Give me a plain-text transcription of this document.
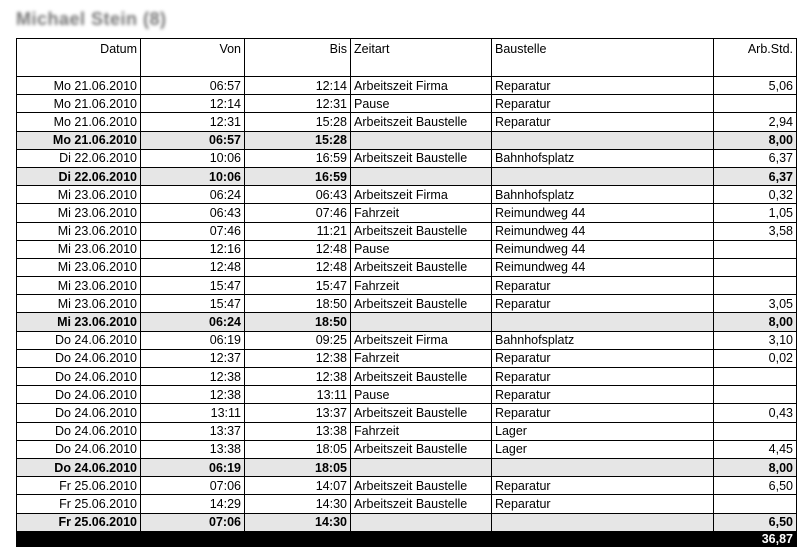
Michael Stein (8)
Datum	Von	Bis	Zeitart	Baustelle	Arb.Std.
Mo 21.06.2010	06:57	12:14	Arbeitszeit Firma	Reparatur	5,06
Mo 21.06.2010	12:14	12:31	Pause	Reparatur	
Mo 21.06.2010	12:31	15:28	Arbeitszeit Baustelle	Reparatur	2,94
Mo 21.06.2010	06:57	15:28			8,00
Di 22.06.2010	10:06	16:59	Arbeitszeit Baustelle	Bahnhofsplatz	6,37
Di 22.06.2010	10:06	16:59			6,37
Mi 23.06.2010	06:24	06:43	Arbeitszeit Firma	Bahnhofsplatz	0,32
Mi 23.06.2010	06:43	07:46	Fahrzeit	Reimundweg 44	1,05
Mi 23.06.2010	07:46	11:21	Arbeitszeit Baustelle	Reimundweg 44	3,58
Mi 23.06.2010	12:16	12:48	Pause	Reimundweg 44	
Mi 23.06.2010	12:48	12:48	Arbeitszeit Baustelle	Reimundweg 44	
Mi 23.06.2010	15:47	15:47	Fahrzeit	Reparatur	
Mi 23.06.2010	15:47	18:50	Arbeitszeit Baustelle	Reparatur	3,05
Mi 23.06.2010	06:24	18:50			8,00
Do 24.06.2010	06:19	09:25	Arbeitszeit Firma	Bahnhofsplatz	3,10
Do 24.06.2010	12:37	12:38	Fahrzeit	Reparatur	0,02
Do 24.06.2010	12:38	12:38	Arbeitszeit Baustelle	Reparatur	
Do 24.06.2010	12:38	13:11	Pause	Reparatur	
Do 24.06.2010	13:11	13:37	Arbeitszeit Baustelle	Reparatur	0,43
Do 24.06.2010	13:37	13:38	Fahrzeit	Lager	
Do 24.06.2010	13:38	18:05	Arbeitszeit Baustelle	Lager	4,45
Do 24.06.2010	06:19	18:05			8,00
Fr 25.06.2010	07:06	14:07	Arbeitszeit Baustelle	Reparatur	6,50
Fr 25.06.2010	14:29	14:30	Arbeitszeit Baustelle	Reparatur	
Fr 25.06.2010	07:06	14:30			6,50
					36,87
